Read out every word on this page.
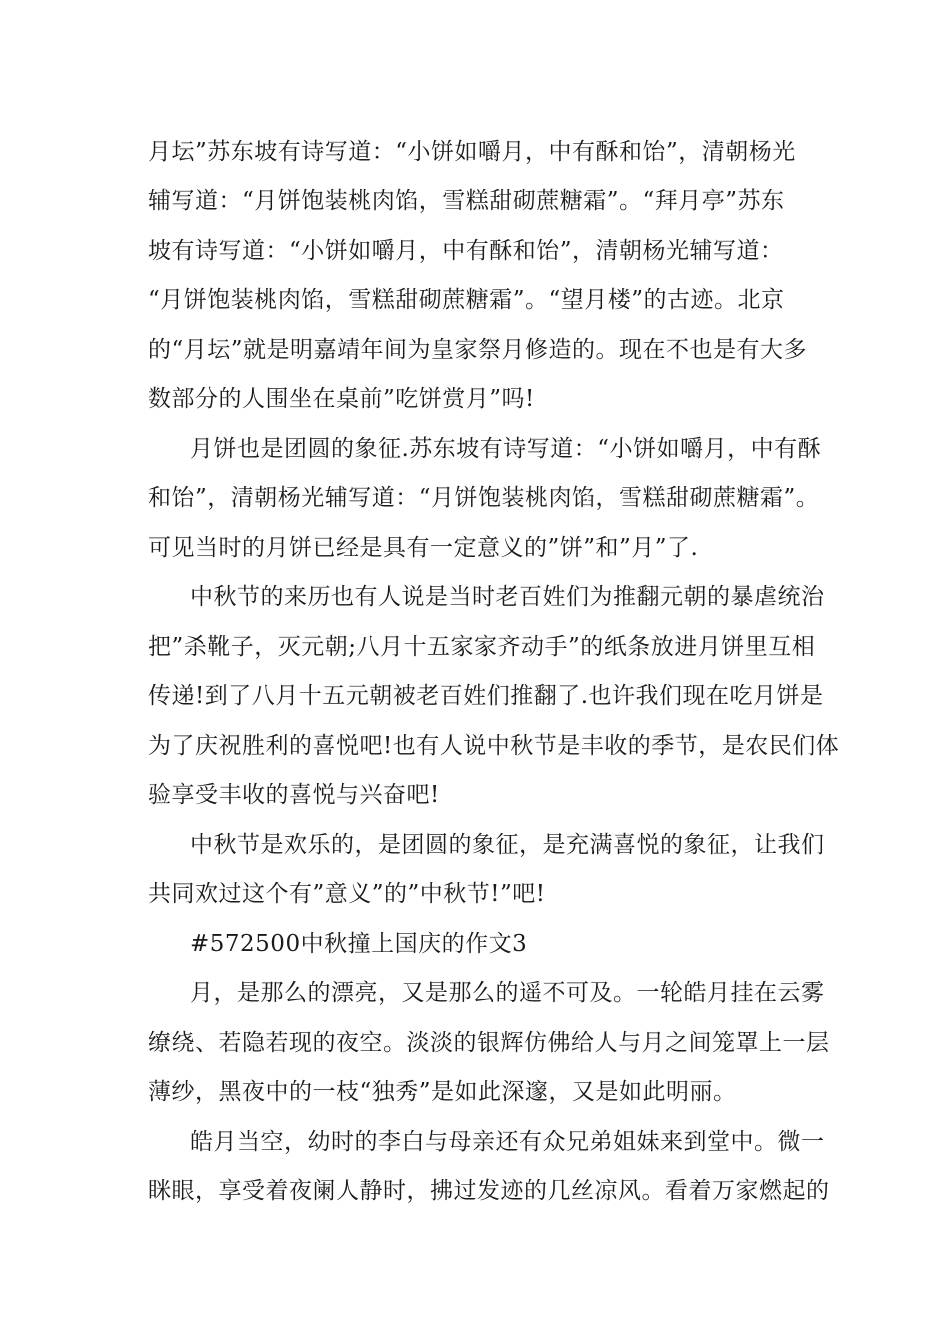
月坛”苏东坡有诗写道：“小饼如嚼月，中有酥和饴”，清朝杨光
辅写道：“月饼饱装桃肉馅，雪糕甜砌蔗糖霜”。“拜月亭”苏东
坡有诗写道：“小饼如嚼月，中有酥和饴”，清朝杨光辅写道：
“月饼饱装桃肉馅，雪糕甜砌蔗糖霜”。“望月楼”的古迹。北京
的“月坛”就是明嘉靖年间为皇家祭月修造的。现在不也是有大多
数部分的人围坐在桌前”吃饼赏月”吗!
月饼也是团圆的象征.苏东坡有诗写道：“小饼如嚼月，中有酥
和饴”，清朝杨光辅写道：“月饼饱装桃肉馅，雪糕甜砌蔗糖霜”。
可见当时的月饼已经是具有一定意义的”饼”和”月”了.
中秋节的来历也有人说是当时老百姓们为推翻元朝的暴虐统治
把”杀靴子，灭元朝;八月十五家家齐动手”的纸条放进月饼里互相
传递!到了八月十五元朝被老百姓们推翻了.也许我们现在吃月饼是
为了庆祝胜利的喜悦吧!也有人说中秋节是丰收的季节，是农民们体
验享受丰收的喜悦与兴奋吧!
中秋节是欢乐的，是团圆的象征，是充满喜悦的象征，让我们
共同欢过这个有”意义”的”中秋节!”吧!
#572500中秋撞上国庆的作文3
月，是那么的漂亮，又是那么的遥不可及。一轮皓月挂在云雾
缭绕、若隐若现的夜空。淡淡的银辉仿佛给人与月之间笼罩上一层
薄纱，黑夜中的一枝“独秀”是如此深邃，又是如此明丽。
皓月当空，幼时的李白与母亲还有众兄弟姐妹来到堂中。微一
眯眼，享受着夜阑人静时，拂过发迹的几丝凉风。看着万家燃起的
